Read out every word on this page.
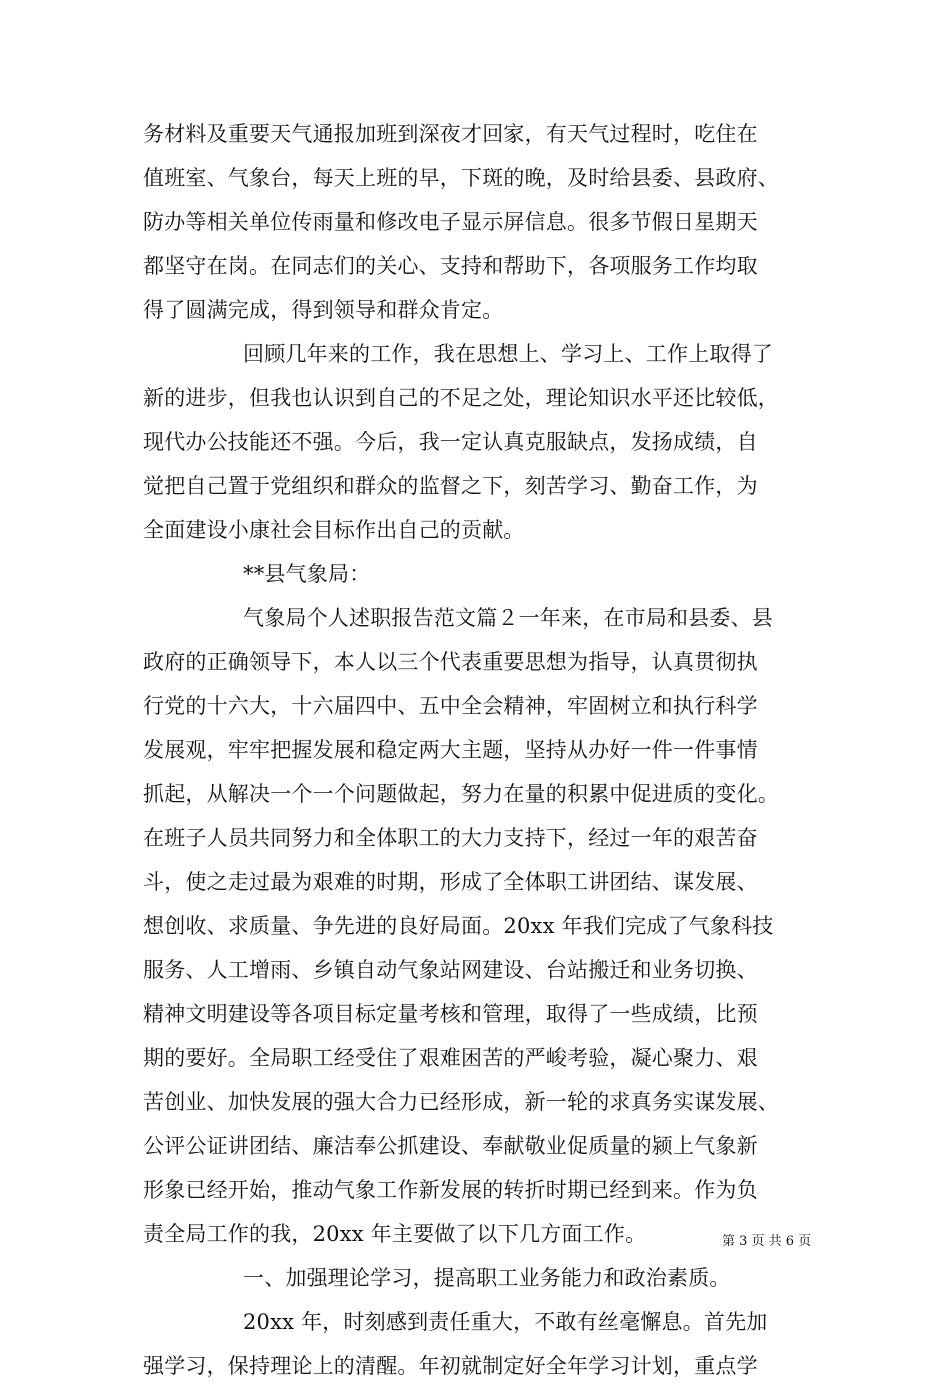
务材料及重要天气通报加班到深夜才回家，有天气过程时，吃住在
值班室、气象台，每天上班的早，下斑的晚，及时给县委、县政府、
防办等相关单位传雨量和修改电子显示屏信息。很多节假日星期天
都坚守在岗。在同志们的关心、支持和帮助下，各项服务工作均取
得了圆满完成，得到领导和群众肯定。
回顾几年来的工作，我在思想上、学习上、工作上取得了
新的进步，但我也认识到自己的不足之处，理论知识水平还比较低，
现代办公技能还不强。今后，我一定认真克服缺点，发扬成绩，自
觉把自己置于党组织和群众的监督之下，刻苦学习、勤奋工作，为
全面建设小康社会目标作出自己的贡献。
**县气象局：
气象局个人述职报告范文篇２一年来，在市局和县委、县
政府的正确领导下，本人以三个代表重要思想为指导，认真贯彻执
行党的十六大，十六届四中、五中全会精神，牢固树立和执行科学
发展观，牢牢把握发展和稳定两大主题，坚持从办好一件一件事情
抓起，从解决一个一个问题做起，努力在量的积累中促进质的变化。
在班子人员共同努力和全体职工的大力支持下，经过一年的艰苦奋
斗，使之走过最为艰难的时期，形成了全体职工讲团结、谋发展、
想创收、求质量、争先进的良好局面。20xx 年我们完成了气象科技
服务、人工增雨、乡镇自动气象站网建设、台站搬迁和业务切换、
精神文明建设等各项目标定量考核和管理，取得了一些成绩，比预
期的要好。全局职工经受住了艰难困苦的严峻考验，凝心聚力、艰
苦创业、加快发展的强大合力已经形成，新一轮的求真务实谋发展、
公评公证讲团结、廉洁奉公抓建设、奉献敬业促质量的颍上气象新
形象已经开始，推动气象工作新发展的转折时期已经到来。作为负
责全局工作的我，20xx 年主要做了以下几方面工作。
一、加强理论学习，提高职工业务能力和政治素质。
20xx 年，时刻感到责任重大，不敢有丝毫懈息。首先加
强学习，保持理论上的清醒。年初就制定好全年学习计划，重点学
第 3 页 共 6 页
